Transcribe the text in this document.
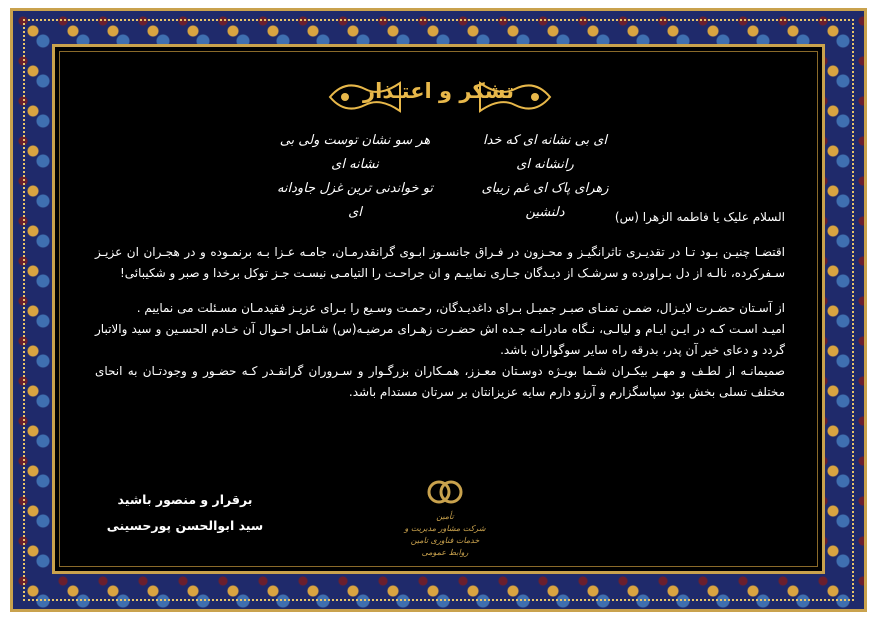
تشکر و اعتـذار
ای بی نشانه ای که خدا رانشانه ای
زهرای پاک ای غم زیبای دلنشین
هر سو نشان توست ولی بی نشانه ای
تو خواندنی ترین غزل جاودانه ای	السلام علیک یا فاطمه الزهرا (س)

اقتضـا چنیـن بـود تـا در تقدیـری تاثرانگیـز و محـزون در فـراق جانسـوز ابـوی گرانقدرمـان، جامـه عـزا بـه برنمـوده و در هجـران ان عزیـز سـفرکرده، نالـه از دل بـراورده و سرشـک از دیـدگان جـاری نماییـم و ان جراحـت را التیامـی نیسـت جـز توکل برخدا و صبر و شکیبائی!

از آسـتان حضـرت لایـزال، ضمـن تمنـای صبـر جمیـل بـرای داغدیـدگان، رحمـت وسـیع را بـرای عزیـز فقیدمـان مسـئلت می نماییم .

امیـد اسـت کـه در ایـن ایـام و لیالـی، نـگاه مادرانـه جـده اش حضـرت زهـرای مرضیـه(س) شـامل احـوال آن خـادم الحسـین و سید والاتبار گردد و دعای خیر آن پدر، بدرقه راه سایر سوگواران باشد.

صمیمانـه از لطـف و مهـر بیکـران شـما بویـژه دوسـتان معـزز، همـکاران بزرگـوار و سـروران گرانقـدر کـه حضـور و وجودتـان به انحای مختلف تسلی بخش بود سپاسگزارم و آرزو دارم سایه عزیزانتان بر سرتان مستدام باشد.

تأمین
شرکت مشاور مدیریت و خدمات فناوری تامین
روابط عمومی
برقرار و منصور باشید
سید ابوالحسن پورحسینی
